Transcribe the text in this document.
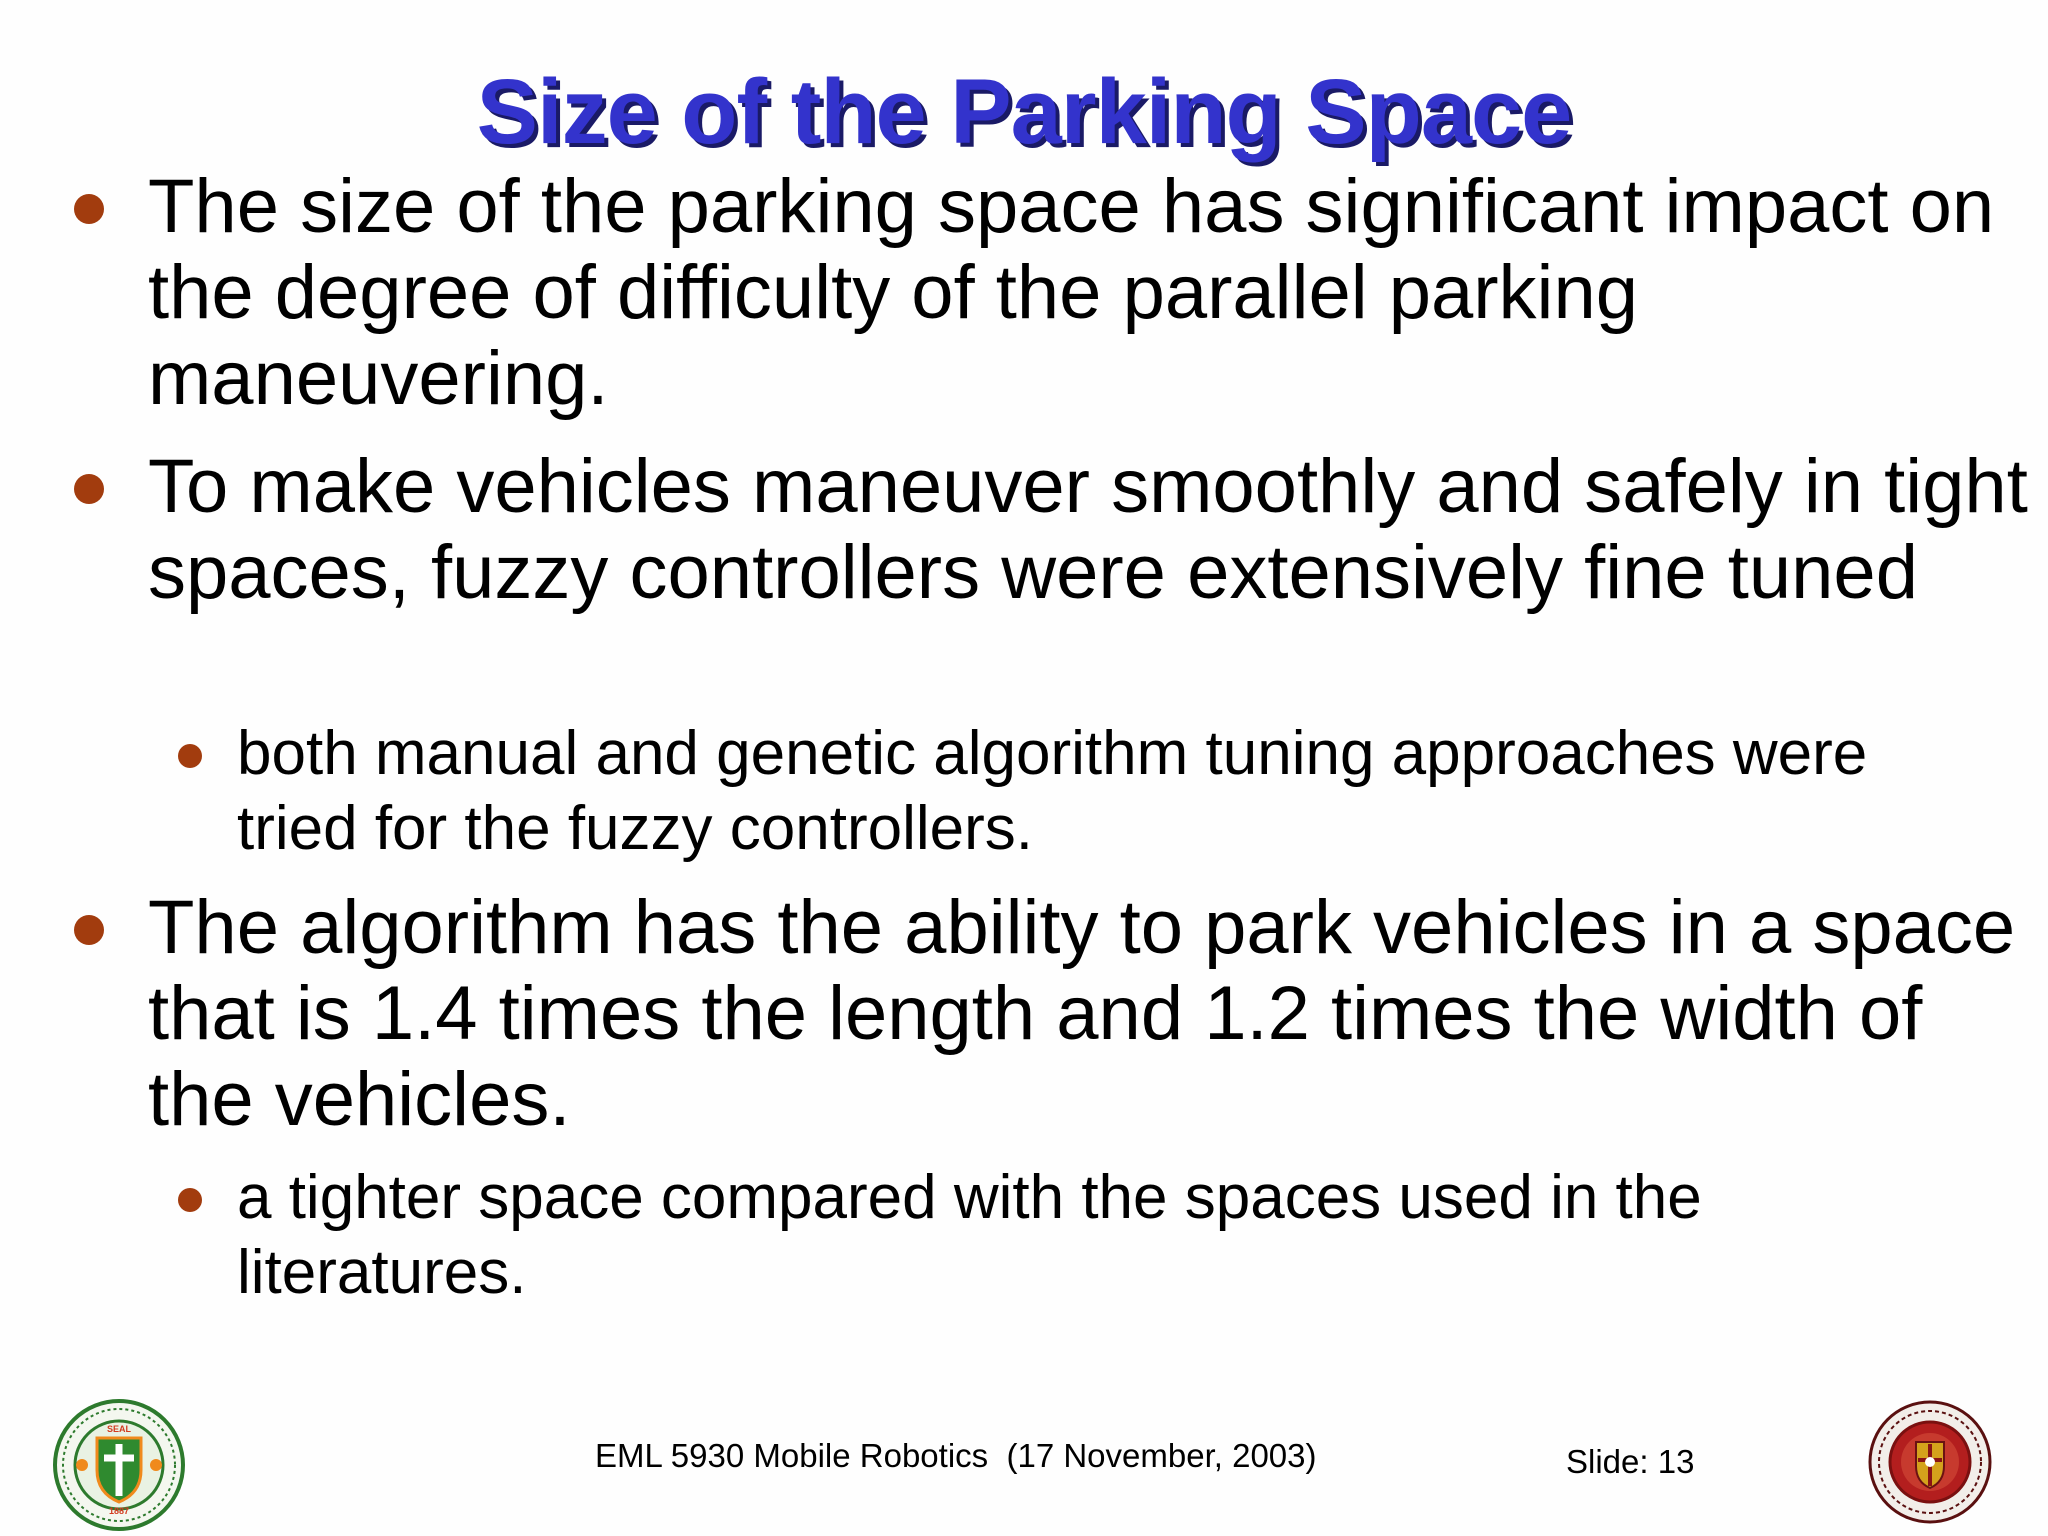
Size of the Parking Space

The size of the parking space has significant impact on the degree of difficulty of the parallel parking maneuvering.

To make vehicles maneuver smoothly and safely in tight spaces, fuzzy controllers were extensively fine tuned

both manual and genetic algorithm tuning approaches were tried for the fuzzy controllers.

The algorithm has the ability to park vehicles in a space that is 1.4 times the length and 1.2 times the width of the vehicles.

a tighter space compared with the spaces used in the literatures.

SEAL
1887
EML 5930 Mobile Robotics  (17 November, 2003)	Slide: 13
